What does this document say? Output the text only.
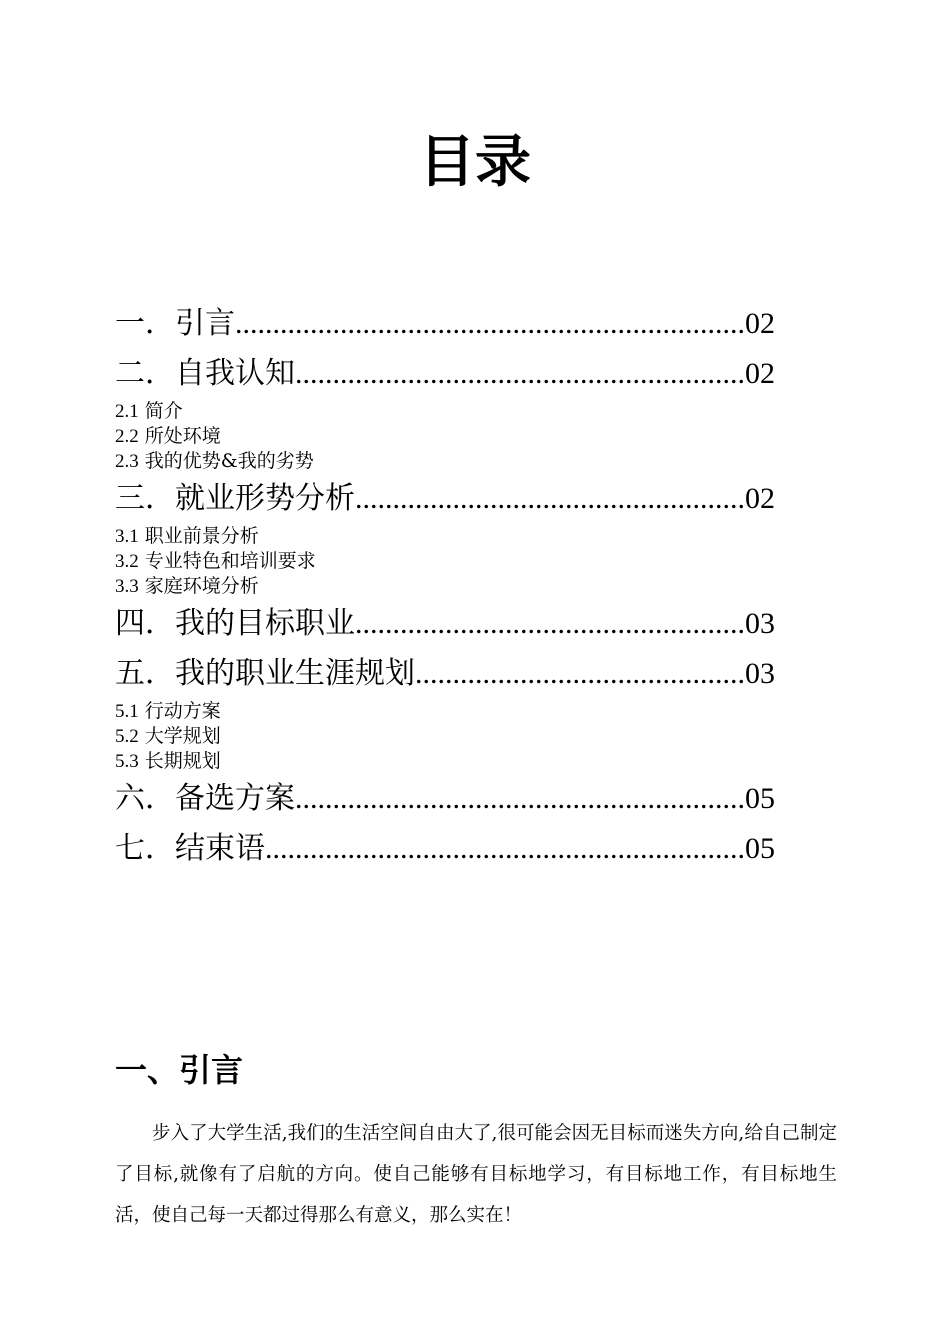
目录
一． 引言 .....	02
二． 自我认知 .....	02
2.1 简介
2.2 所处环境
2.3 我的优势&我的劣势
三． 就业形势分析 .....	02
3.1 职业前景分析
3.2 专业特色和培训要求
3.3 家庭环境分析
四． 我的目标职业 .....	03
五． 我的职业生涯规划 .....	03
5.1 行动方案
5.2 大学规划
5.3 长期规划
六． 备选方案 .....	05
七． 结束语 .....	05
一、引言
步入了大学生活,我们的生活空间自由大了,很可能会因无目标而迷失方向,给自己制定了目标,就像有了启航的方向。使自己能够有目标地学习，有目标地工作，有目标地生活，使自己每一天都过得那么有意义，那么实在！
